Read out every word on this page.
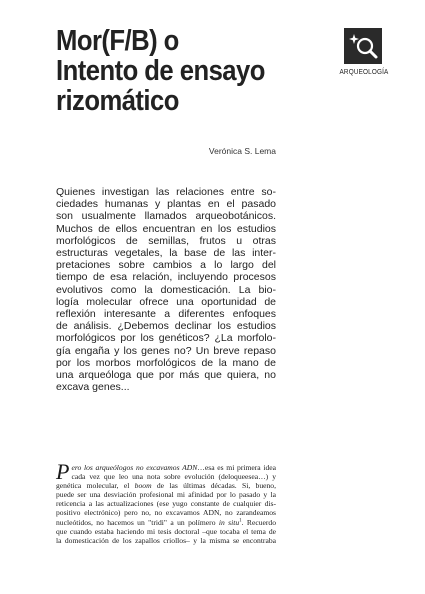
Mor(F/B) o
Intento de ensayo
rizomático
ARQUEOLOGÍA
Verónica S. Lema
Quienes investigan las relaciones entre so-
ciedades humanas y plantas en el pasado
son usualmente llamados arqueobotánicos.
Muchos de ellos encuentran en los estudios
morfológicos de semillas, frutos u otras
estructuras vegetales, la base de las inter-
pretaciones sobre cambios a lo largo del
tiempo de esa relación, incluyendo procesos
evolutivos como la domesticación. La bio-
logía molecular ofrece una oportunidad de
reflexión interesante a diferentes enfoques
de análisis. ¿Debemos declinar los estudios
morfológicos por los genéticos? ¿La morfolo-
gía engaña y los genes no? Un breve repaso
por los morbos morfológicos de la mano de
una arqueóloga que por más que quiera, no
excava genes...
P ero los arqueólogos no excavamos ADN…esa es mi primera idea
cada vez que leo una nota sobre evolución (deloqueesea…) y
genética molecular, el boom de las últimas décadas. Si, bueno,
puede ser una desviación profesional mi afinidad por lo pasado y la
reticencia a las actualizaciones (ese yugo constante de cualquier dis-
positivo electrónico) pero no, no excavamos ADN, no zarandeamos
nucleótidos, no hacemos un "tridi" a un polímero in situ$^1$. Recuerdo
que cuando estaba haciendo mi tesis doctoral –que tocaba el tema de
la domesticación de los zapallos criollos– y la misma se encontraba
